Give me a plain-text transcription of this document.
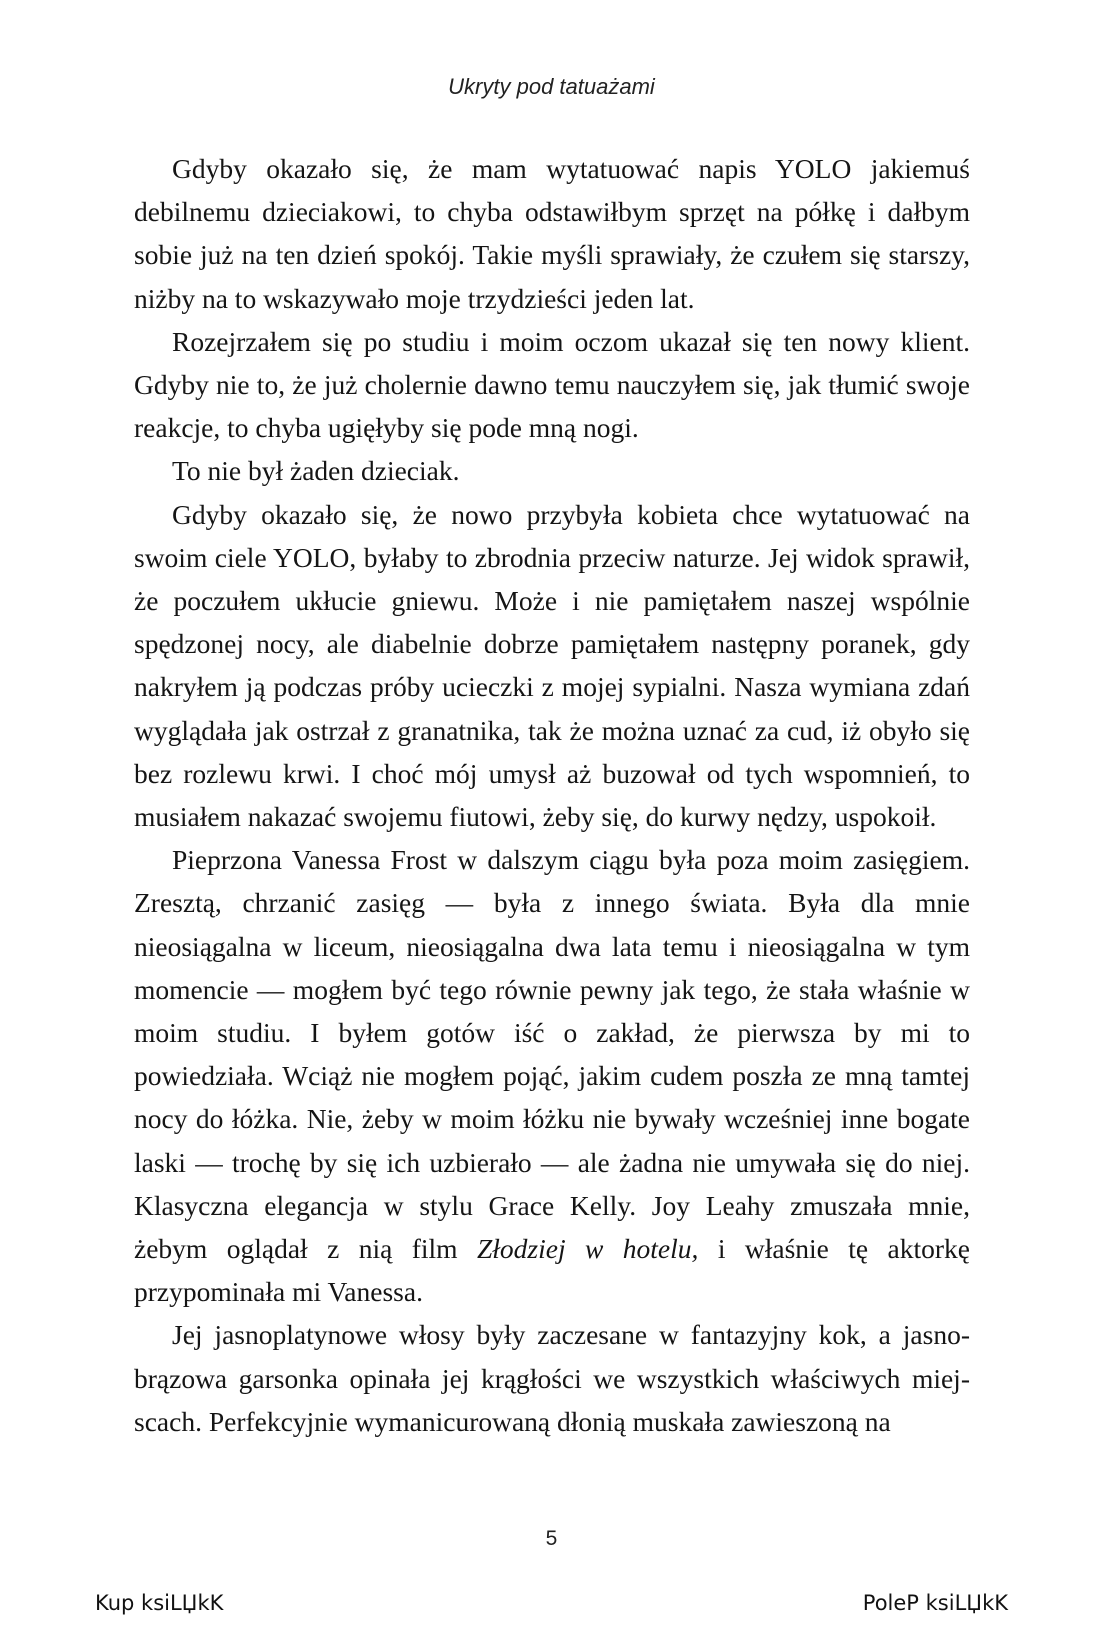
Ukryty pod tatuażami

Gdyby okazało się, że mam wytatuować napis YOLO jakiemuś debilnemu dzieciakowi, to chyba odstawiłbym sprzęt na półkę i dałbym sobie już na ten dzień spokój. Takie myśli sprawiały, że czułem się starszy, niżby na to wskazywało moje trzydzieści jeden lat.

Rozejrzałem się po studiu i moim oczom ukazał się ten nowy klient. Gdyby nie to, że już cholernie dawno temu nauczyłem się, jak tłumić swoje reakcje, to chyba ugięłyby się pode mną nogi.

To nie był żaden dzieciak.

Gdyby okazało się, że nowo przybyła kobieta chce wytatuować na swoim ciele YOLO, byłaby to zbrodnia przeciw naturze. Jej widok sprawił, że poczułem ukłucie gniewu. Może i nie pamiętałem naszej wspólnie spędzonej nocy, ale diabelnie dobrze pamiętałem następny poranek, gdy nakryłem ją podczas próby ucieczki z mojej sypialni. Nasza wymiana zdań wyglądała jak ostrzał z granatnika, tak że można uznać za cud, iż obyło się bez rozlewu krwi. I choć mój umysł aż buzował od tych wspomnień, to musiałem nakazać swojemu fiutowi, żeby się, do kurwy nędzy, uspokoił.

Pieprzona Vanessa Frost w dalszym ciągu była poza moim zasięgiem. Zresztą, chrzanić zasięg — była z innego świata. Była dla mnie nieosiągalna w liceum, nieosiągalna dwa lata temu i nieosiągalna w tym momencie — mogłem być tego równie pewny jak tego, że stała właśnie w moim studiu. I byłem gotów iść o zakład, że pierwsza by mi to powiedziała. Wciąż nie mogłem pojąć, jakim cudem poszła ze mną tamtej nocy do łóżka. Nie, żeby w moim łóżku nie bywały wcześniej inne bogate laski — trochę by się ich uzbierało — ale żadna nie umywała się do niej. Klasyczna elegancja w stylu Grace Kelly. Joy Leahy zmuszała mnie, żebym oglądał z nią film Złodziej w hotelu, i właśnie tę aktorkę przypominała mi Vanessa.

Jej jasnoplatynowe włosy były zaczesane w fantazyjny kok, a jasnobrązowa garsonka opinała jej krągłości we wszystkich właściwych miejscach. Perfekcyjnie wymanicurowaną dłonią muskała zawieszoną na

5
Kup ksiLЏkK	PoleP ksiLЏkK
